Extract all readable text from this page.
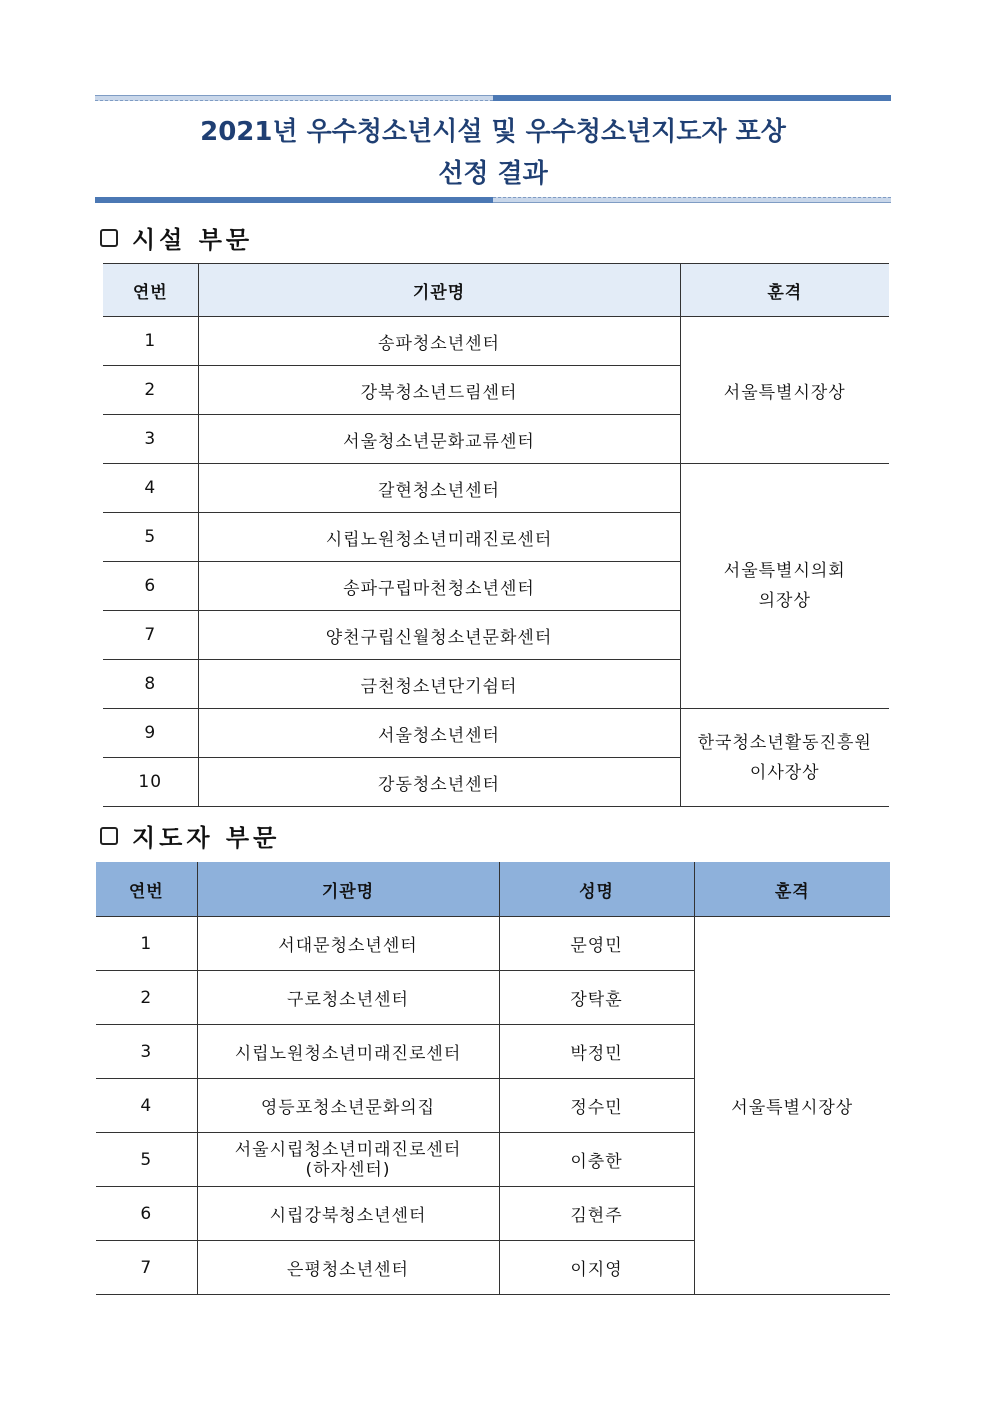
2021년 우수청소년시설 및 우수청소년지도자 포상
선정 결과
시설 부문
연번	기관명	훈격
1	송파청소년센터	서울특별시장상
2	강북청소년드림센터	
3	서울청소년문화교류센터	
4	갈현청소년센터	서울특별시의회
의장상

5	시립노원청소년미래진로센터	
6	송파구립마천청소년센터	
7	양천구립신월청소년문화센터	
8	금천청소년단기쉼터	
9	서울청소년센터	한국청소년활동진흥원
이사장상

10	강동청소년센터	
지도자 부문
연번	기관명	성명	훈격
1	서대문청소년센터	문영민	서울특별시장상
2	구로청소년센터	장탁훈	
3	시립노원청소년미래진로센터	박정민	
4	영등포청소년문화의집	정수민	
5	서울시립청소년미래진로센터
(하자센터)	이충한	
6	시립강북청소년센터	김현주	
7	은평청소년센터	이지영	
